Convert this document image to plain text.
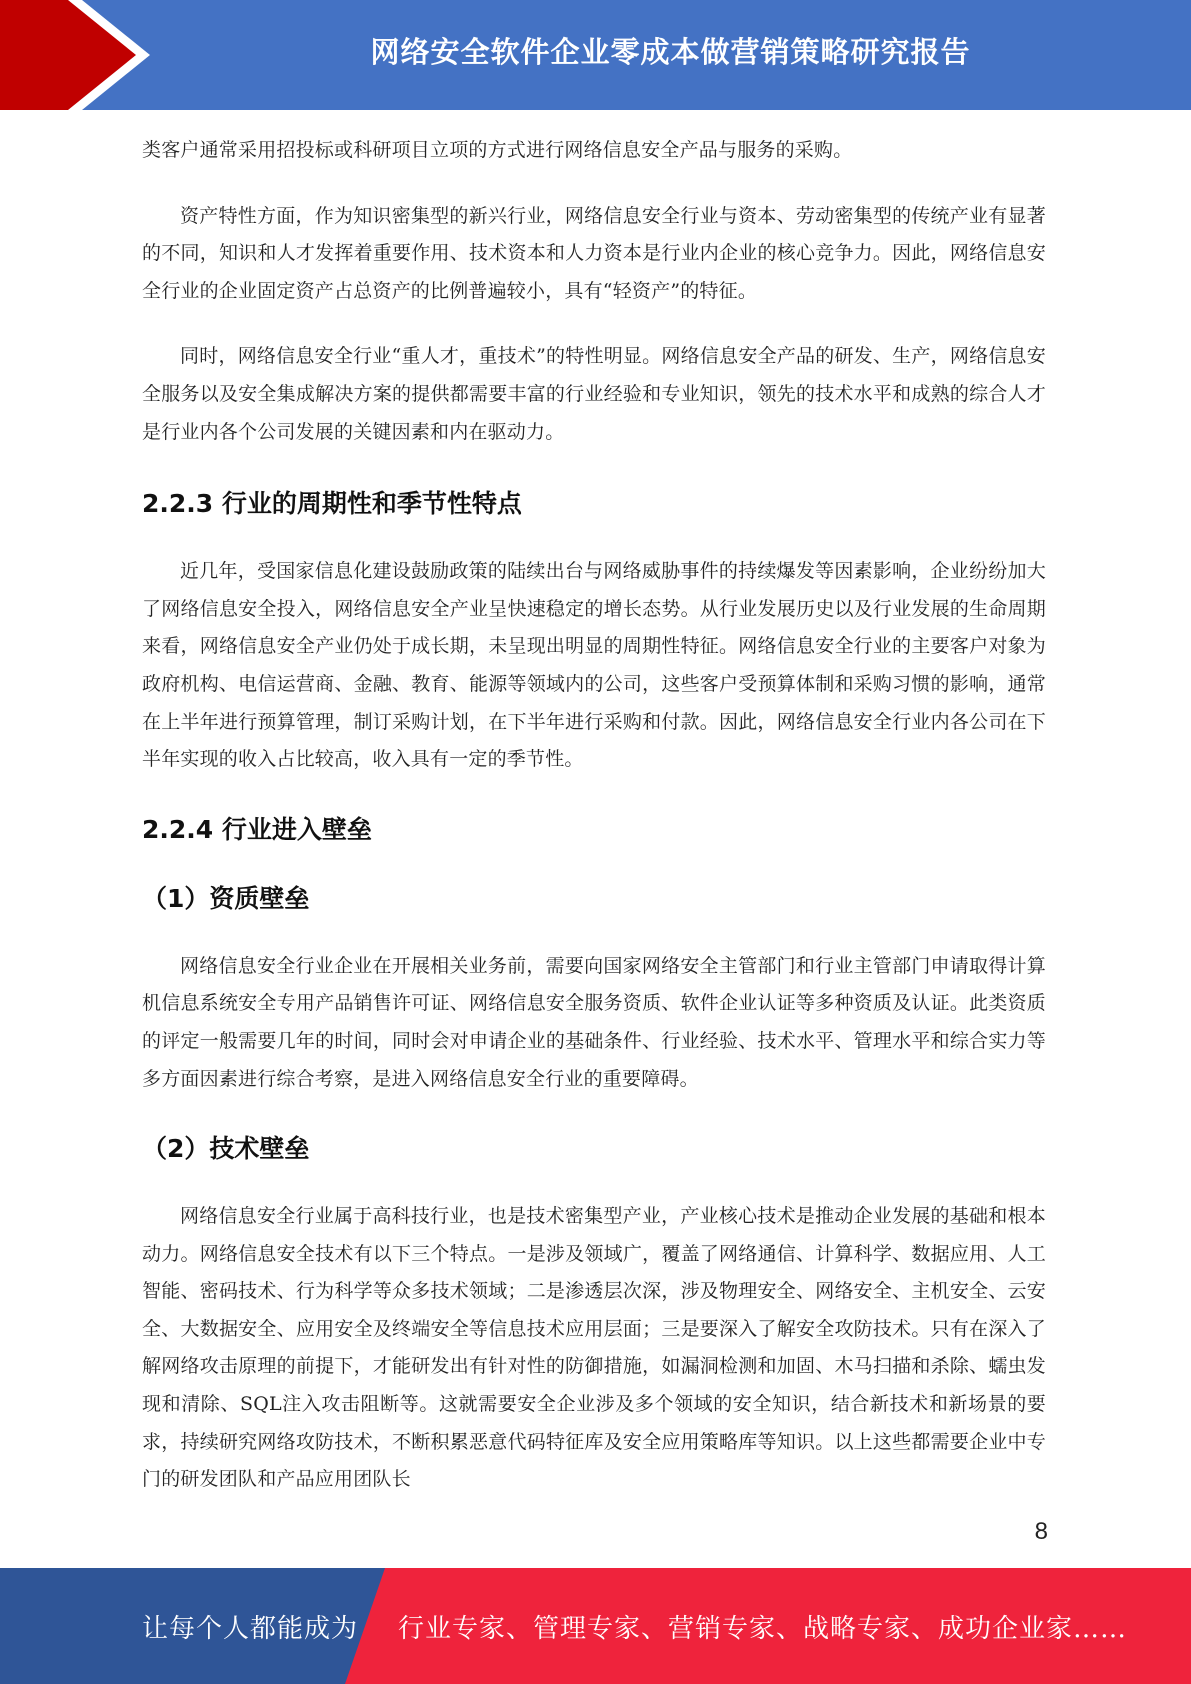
网络安全软件企业零成本做营销策略研究报告

类客户通常采用招投标或科研项目立项的方式进行网络信息安全产品与服务的采购。

资产特性方面，作为知识密集型的新兴行业，网络信息安全行业与资本、劳动密集型的传统产业有显著的不同，知识和人才发挥着重要作用、技术资本和人力资本是行业内企业的核心竞争力。因此，网络信息安全行业的企业固定资产占总资产的比例普遍较小，具有“轻资产”的特征。

同时，网络信息安全行业“重人才，重技术”的特性明显。网络信息安全产品的研发、生产，网络信息安全服务以及安全集成解决方案的提供都需要丰富的行业经验和专业知识，领先的技术水平和成熟的综合人才是行业内各个公司发展的关键因素和内在驱动力。

2.2.3 行业的周期性和季节性特点

近几年，受国家信息化建设鼓励政策的陆续出台与网络威胁事件的持续爆发等因素影响，企业纷纷加大了网络信息安全投入，网络信息安全产业呈快速稳定的增长态势。从行业发展历史以及行业发展的生命周期来看，网络信息安全产业仍处于成长期，未呈现出明显的周期性特征。网络信息安全行业的主要客户对象为政府机构、电信运营商、金融、教育、能源等领域内的公司，这些客户受预算体制和采购习惯的影响，通常在上半年进行预算管理，制订采购计划，在下半年进行采购和付款。因此，网络信息安全行业内各公司在下半年实现的收入占比较高，收入具有一定的季节性。

2.2.4 行业进入壁垒
（1）资质壁垒

网络信息安全行业企业在开展相关业务前，需要向国家网络安全主管部门和行业主管部门申请取得计算机信息系统安全专用产品销售许可证、网络信息安全服务资质、软件企业认证等多种资质及认证。此类资质的评定一般需要几年的时间，同时会对申请企业的基础条件、行业经验、技术水平、管理水平和综合实力等多方面因素进行综合考察，是进入网络信息安全行业的重要障碍。

（2）技术壁垒

网络信息安全行业属于高科技行业，也是技术密集型产业，产业核心技术是推动企业发展的基础和根本动力。网络信息安全技术有以下三个特点。一是涉及领域广，覆盖了网络通信、计算科学、数据应用、人工智能、密码技术、行为科学等众多技术领域；二是渗透层次深，涉及物理安全、网络安全、主机安全、云安全、大数据安全、应用安全及终端安全等信息技术应用层面；三是要深入了解安全攻防技术。只有在深入了解网络攻击原理的前提下，才能研发出有针对性的防御措施，如漏洞检测和加固、木马扫描和杀除、蠕虫发现和清除、SQL注入攻击阻断等。这就需要安全企业涉及多个领域的安全知识，结合新技术和新场景的要求，持续研究网络攻防技术，不断积累恶意代码特征库及安全应用策略库等知识。以上这些都需要企业中专门的研发团队和产品应用团队长

8
让每个人都能成为 行业专家、管理专家、营销专家、战略专家、成功企业家……
